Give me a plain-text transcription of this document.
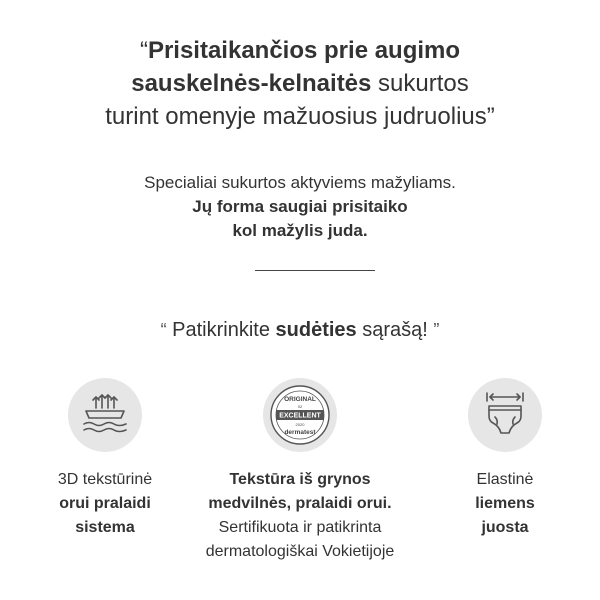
“Prisitaikančios prie augimo
sauskelnės-kelnaitės sukurtos
turint omenyje mažuosius judruolius”
Specialiai sukurtos aktyviems mažyliams.
Jų forma saugiai prisitaiko
kol mažylis juda.
“ Patikrinkite sudėties sąrašą! ”
3D tekstūrinė
orui pralaidi
sistema
ORIGINAL
02
EXCELLENT
2020
dermatest
Tekstūra iš grynos
medvilnės, pralaidi orui.
Sertifikuota ir patikrinta
dermatologiškai Vokietijoje
Elastinė
liemens
juosta
